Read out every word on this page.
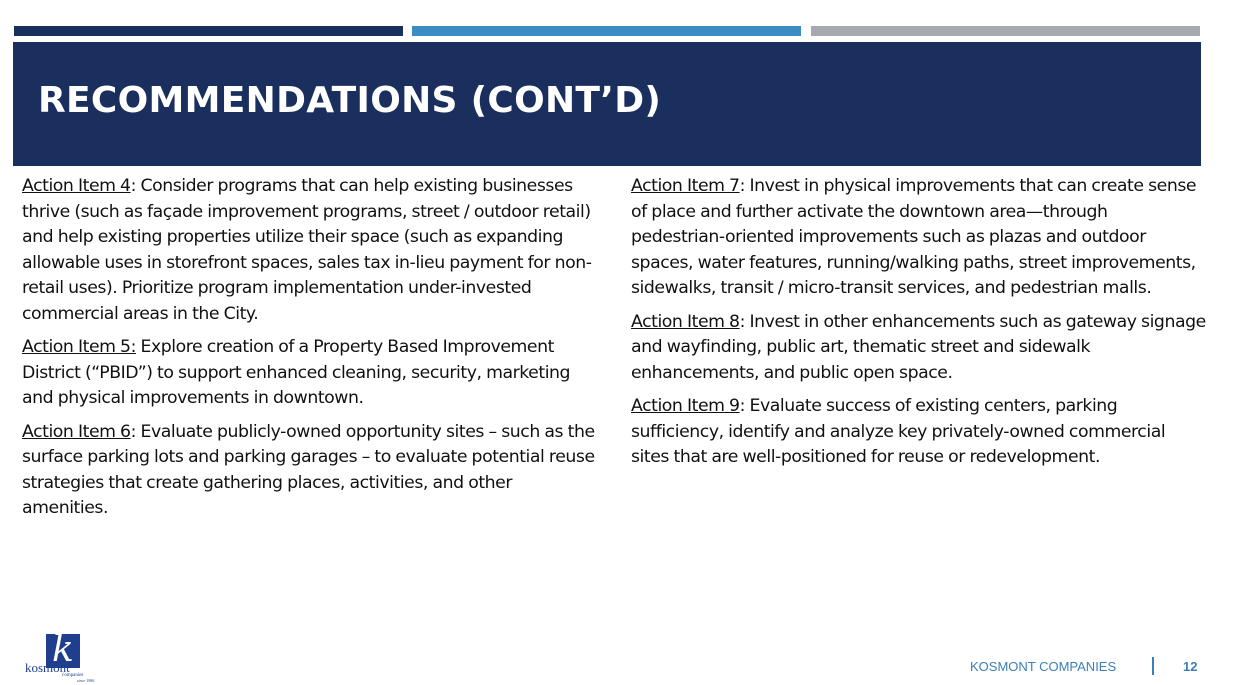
RECOMMENDATIONS (CONT’D)

Action Item 4: Consider programs that can help existing businesses thrive (such as façade improvement programs, street / outdoor retail) and help existing properties utilize their space (such as expanding allowable uses in storefront spaces, sales tax in-lieu payment for non-retail uses). Prioritize program implementation under-invested commercial areas in the City.

Action Item 5: Explore creation of a Property Based Improvement District (“PBID”) to support enhanced cleaning, security, marketing and physical improvements in downtown.

Action Item 6: Evaluate publicly-owned opportunity sites – such as the surface parking lots and parking garages – to evaluate potential reuse strategies that create gathering places, activities, and other amenities.

Action Item 7: Invest in physical improvements that can create sense of place and further activate the downtown area—through pedestrian-oriented improvements such as plazas and outdoor spaces, water features, running/walking paths, street improvements, sidewalks, transit / micro-transit services, and pedestrian malls.

Action Item 8: Invest in other enhancements such as gateway signage and wayfinding, public art, thematic street and sidewalk enhancements, and public open space.

Action Item 9: Evaluate success of existing centers, parking sufficiency, identify and analyze key privately-owned commercial sites that are well-positioned for reuse or redevelopment.

k
kosmont
companies
since 1986
KOSMONT COMPANIES	12
